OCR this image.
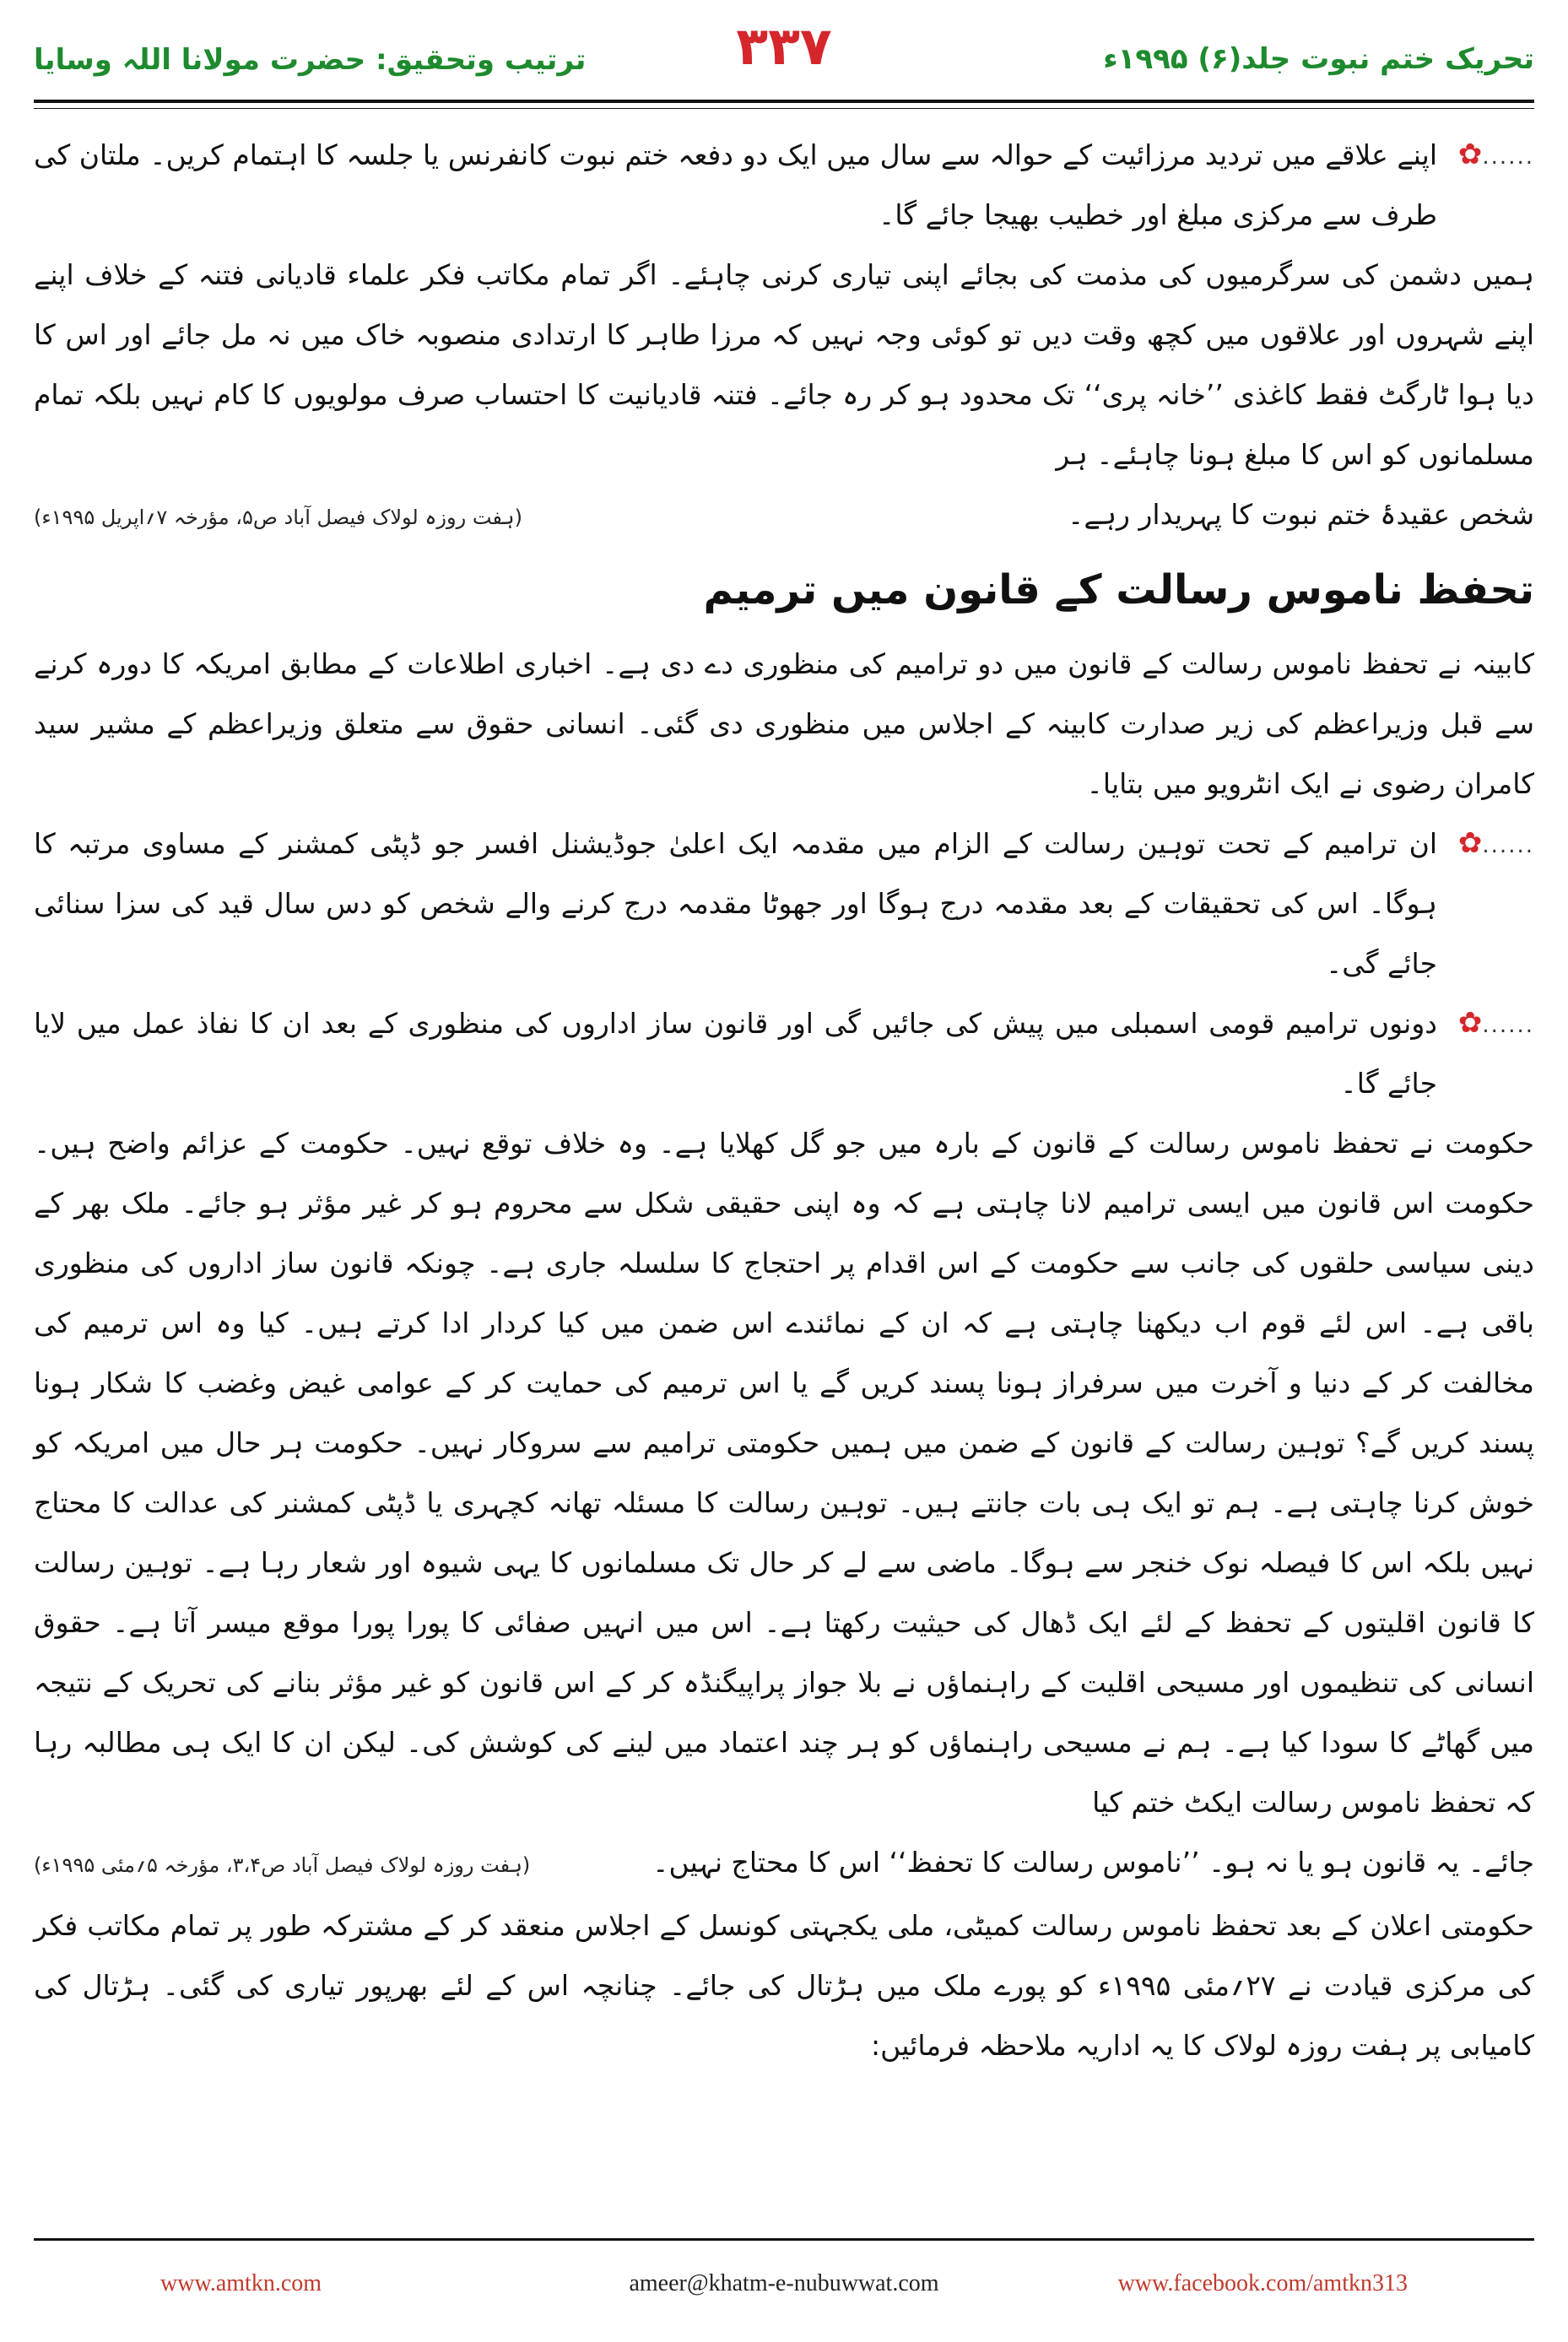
تحریک ختم نبوت جلد(۶) ۱۹۹۵ء
۳۳۷
ترتیب وتحقیق: حضرت مولانا اللہ وسایا

✿......
اپنے علاقے میں تردید مرزائیت کے حوالہ سے سال میں ایک دو دفعہ ختم نبوت کانفرنس یا جلسہ کا اہتمام کریں۔ ملتان کی طرف سے مرکزی مبلغ اور خطیب بھیجا جائے گا۔

ہمیں دشمن کی سرگرمیوں کی مذمت کی بجائے اپنی تیاری کرنی چاہئے۔ اگر تمام مکاتب فکر علماء قادیانی فتنہ کے خلاف اپنے اپنے شہروں اور علاقوں میں کچھ وقت دیں تو کوئی وجہ نہیں کہ مرزا طاہر کا ارتدادی منصوبہ خاک میں نہ مل جائے اور اس کا دیا ہوا ٹارگٹ فقط کاغذی ’’خانہ پری‘‘ تک محدود ہو کر رہ جائے۔ فتنہ قادیانیت کا احتساب صرف مولویوں کا کام نہیں بلکہ تمام مسلمانوں کو اس کا مبلغ ہونا چاہئے۔ ہر

شخص عقیدۂ ختم نبوت کا پہریدار رہے۔
(ہفت روزہ لولاک فیصل آباد ص۵، مؤرخہ ۷؍اپریل ۱۹۹۵ء)
تحفظ ناموس رسالت کے قانون میں ترمیم

کابینہ نے تحفظ ناموس رسالت کے قانون میں دو ترامیم کی منظوری دے دی ہے۔ اخباری اطلاعات کے مطابق امریکہ کا دورہ کرنے سے قبل وزیراعظم کی زیر صدارت کابینہ کے اجلاس میں منظوری دی گئی۔ انسانی حقوق سے متعلق وزیراعظم کے مشیر سید کامران رضوی نے ایک انٹرویو میں بتایا۔

✿......
ان ترامیم کے تحت توہین رسالت کے الزام میں مقدمہ ایک اعلیٰ جوڈیشنل افسر جو ڈپٹی کمشنر کے مساوی مرتبہ کا ہوگا۔ اس کی تحقیقات کے بعد مقدمہ درج ہوگا اور جھوٹا مقدمہ درج کرنے والے شخص کو دس سال قید کی سزا سنائی جائے گی۔

✿......
دونوں ترامیم قومی اسمبلی میں پیش کی جائیں گی اور قانون ساز اداروں کی منظوری کے بعد ان کا نفاذ عمل میں لایا جائے گا۔

حکومت نے تحفظ ناموس رسالت کے قانون کے بارہ میں جو گل کھلایا ہے۔ وہ خلاف توقع نہیں۔ حکومت کے عزائم واضح ہیں۔ حکومت اس قانون میں ایسی ترامیم لانا چاہتی ہے کہ وہ اپنی حقیقی شکل سے محروم ہو کر غیر مؤثر ہو جائے۔ ملک بھر کے دینی سیاسی حلقوں کی جانب سے حکومت کے اس اقدام پر احتجاج کا سلسلہ جاری ہے۔ چونکہ قانون ساز اداروں کی منظوری باقی ہے۔ اس لئے قوم اب دیکھنا چاہتی ہے کہ ان کے نمائندے اس ضمن میں کیا کردار ادا کرتے ہیں۔ کیا وہ اس ترمیم کی مخالفت کر کے دنیا و آخرت میں سرفراز ہونا پسند کریں گے یا اس ترمیم کی حمایت کر کے عوامی غیض وغضب کا شکار ہونا پسند کریں گے؟ توہین رسالت کے قانون کے ضمن میں ہمیں حکومتی ترامیم سے سروکار نہیں۔ حکومت ہر حال میں امریکہ کو خوش کرنا چاہتی ہے۔ ہم تو ایک ہی بات جانتے ہیں۔ توہین رسالت کا مسئلہ تھانہ کچہری یا ڈپٹی کمشنر کی عدالت کا محتاج نہیں بلکہ اس کا فیصلہ نوک خنجر سے ہوگا۔ ماضی سے لے کر حال تک مسلمانوں کا یہی شیوہ اور شعار رہا ہے۔ توہین رسالت کا قانون اقلیتوں کے تحفظ کے لئے ایک ڈھال کی حیثیت رکھتا ہے۔ اس میں انہیں صفائی کا پورا پورا موقع میسر آتا ہے۔ حقوق انسانی کی تنظیموں اور مسیحی اقلیت کے راہنماؤں نے بلا جواز پراپیگنڈہ کر کے اس قانون کو غیر مؤثر بنانے کی تحریک کے نتیجہ میں گھاٹے کا سودا کیا ہے۔ ہم نے مسیحی راہنماؤں کو ہر چند اعتماد میں لینے کی کوشش کی۔ لیکن ان کا ایک ہی مطالبہ رہا کہ تحفظ ناموس رسالت ایکٹ ختم کیا

جائے۔ یہ قانون ہو یا نہ ہو۔ ’’ناموس رسالت کا تحفظ‘‘ اس کا محتاج نہیں۔
(ہفت روزہ لولاک فیصل آباد ص۳،۴، مؤرخہ ۵؍مئی ۱۹۹۵ء)

حکومتی اعلان کے بعد تحفظ ناموس رسالت کمیٹی، ملی یکجہتی کونسل کے اجلاس منعقد کر کے مشترکہ طور پر تمام مکاتب فکر کی مرکزی قیادت نے ۲۷؍مئی ۱۹۹۵ء کو پورے ملک میں ہڑتال کی جائے۔ چنانچہ اس کے لئے بھرپور تیاری کی گئی۔ ہڑتال کی کامیابی پر ہفت روزہ لولاک کا یہ اداریہ ملاحظہ فرمائیں:

www.amtkn.com	ameer@khatm-e-nubuwwat.com	www.facebook.com/amtkn313
